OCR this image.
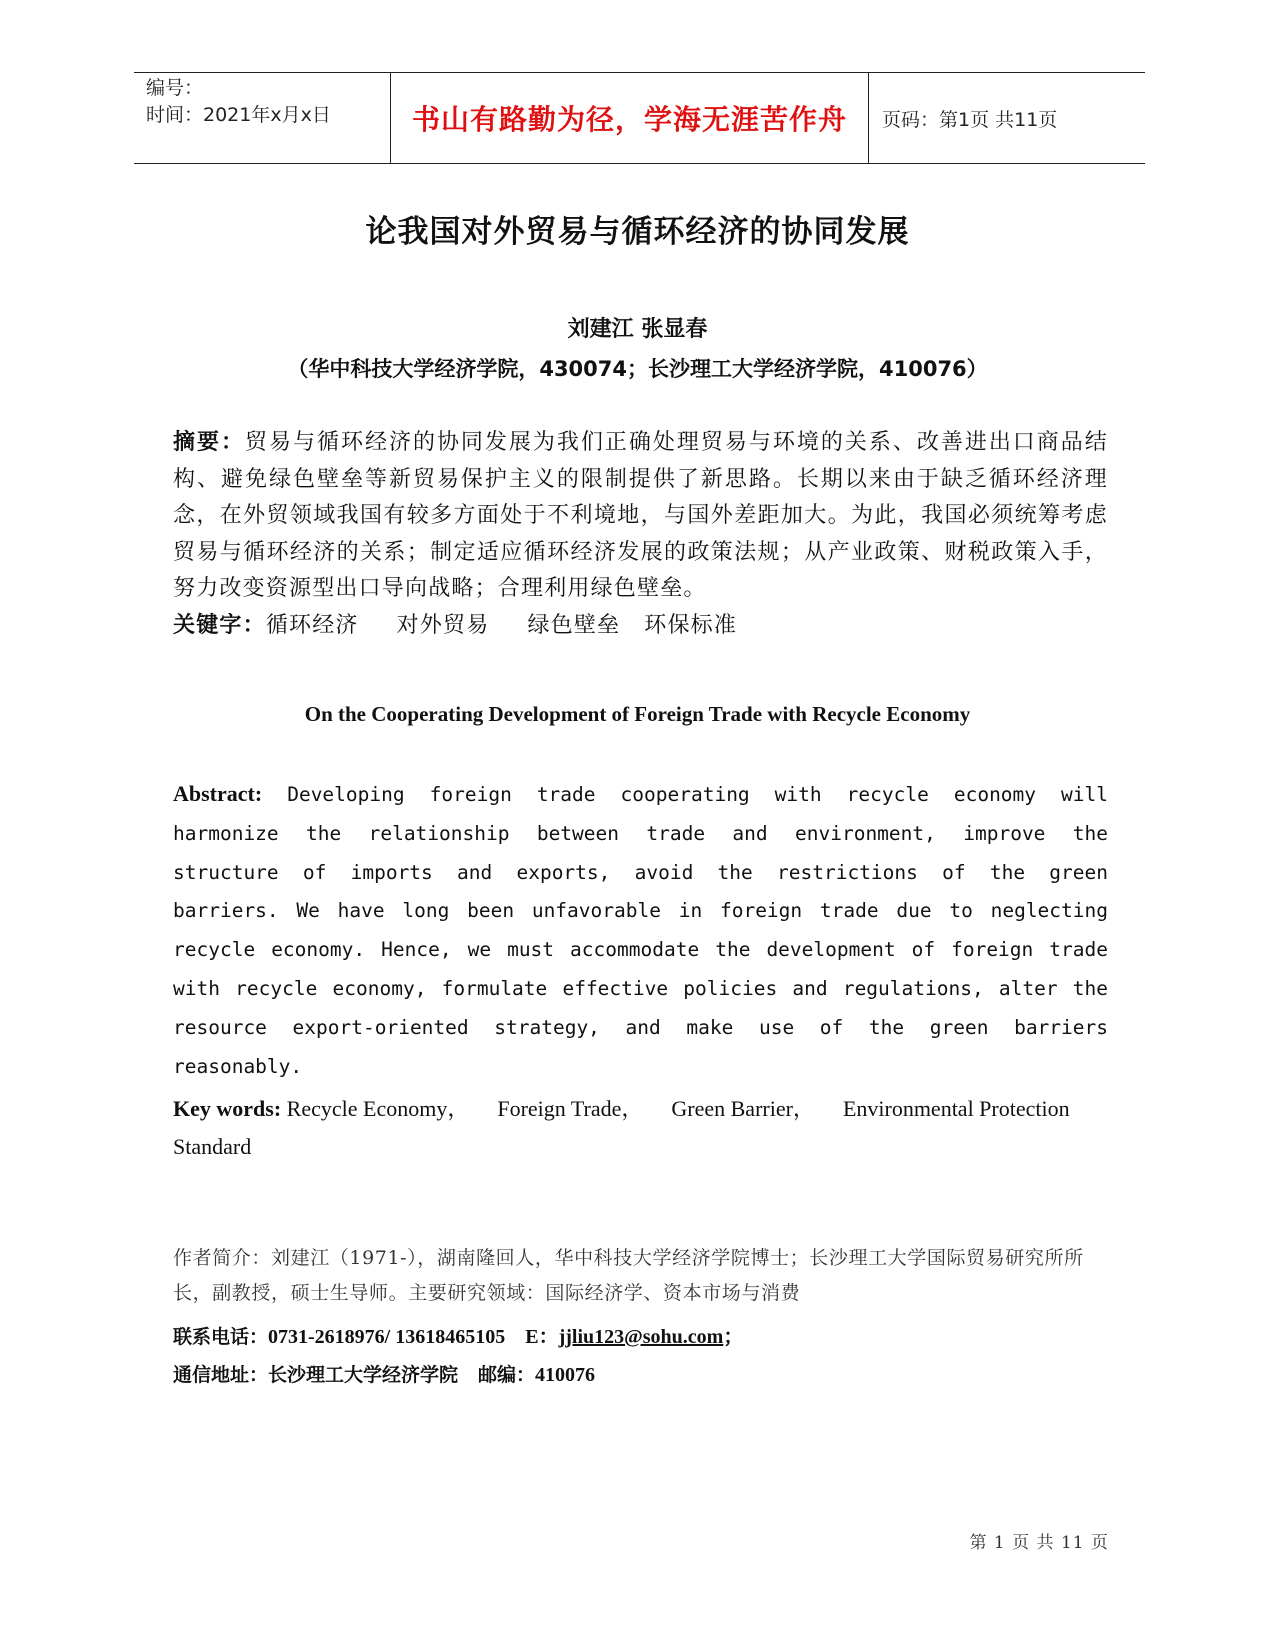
编号：
时间：2021年x月x日	书山有路勤为径，学海无涯苦作舟	页码：第1页 共11页
论我国对外贸易与循环经济的协同发展
刘建江 张显春
（华中科技大学经济学院，430074；长沙理工大学经济学院，410076）
摘要：贸易与循环经济的协同发展为我们正确处理贸易与环境的关系、改善进出口商品结构、避免绿色壁垒等新贸易保护主义的限制提供了新思路。长期以来由于缺乏循环经济理念，在外贸领域我国有较多方面处于不利境地，与国外差距加大。为此，我国必须统筹考虑贸易与循环经济的关系；制定适应循环经济发展的政策法规；从产业政策、财税政策入手，努力改变资源型出口导向战略；合理利用绿色壁垒。
关键字：循环经济 对外贸易 绿色壁垒 环保标准
On the Cooperating Development of Foreign Trade with Recycle Economy
Abstract: Developing foreign trade cooperating with recycle economy will harmonize the relationship between trade and environment, improve the structure of imports and exports, avoid the restrictions of the green barriers. We have long been unfavorable in foreign trade due to neglecting recycle economy. Hence, we must accommodate the development of foreign trade with recycle economy, formulate effective policies and regulations, alter the resource export-oriented strategy, and make use of the green barriers reasonably.
Key words: Recycle Economy， Foreign Trade， Green Barrier， Environmental Protection Standard
作者简介：刘建江（1971-），湖南隆回人，华中科技大学经济学院博士；长沙理工大学国际贸易研究所所长，副教授，硕士生导师。主要研究领域：国际经济学、资本市场与消费
联系电话：0731-2618976/ 13618465105 E：jjliu123@sohu.com；
通信地址：长沙理工大学经济学院 邮编：410076
第 1 页 共 11 页
